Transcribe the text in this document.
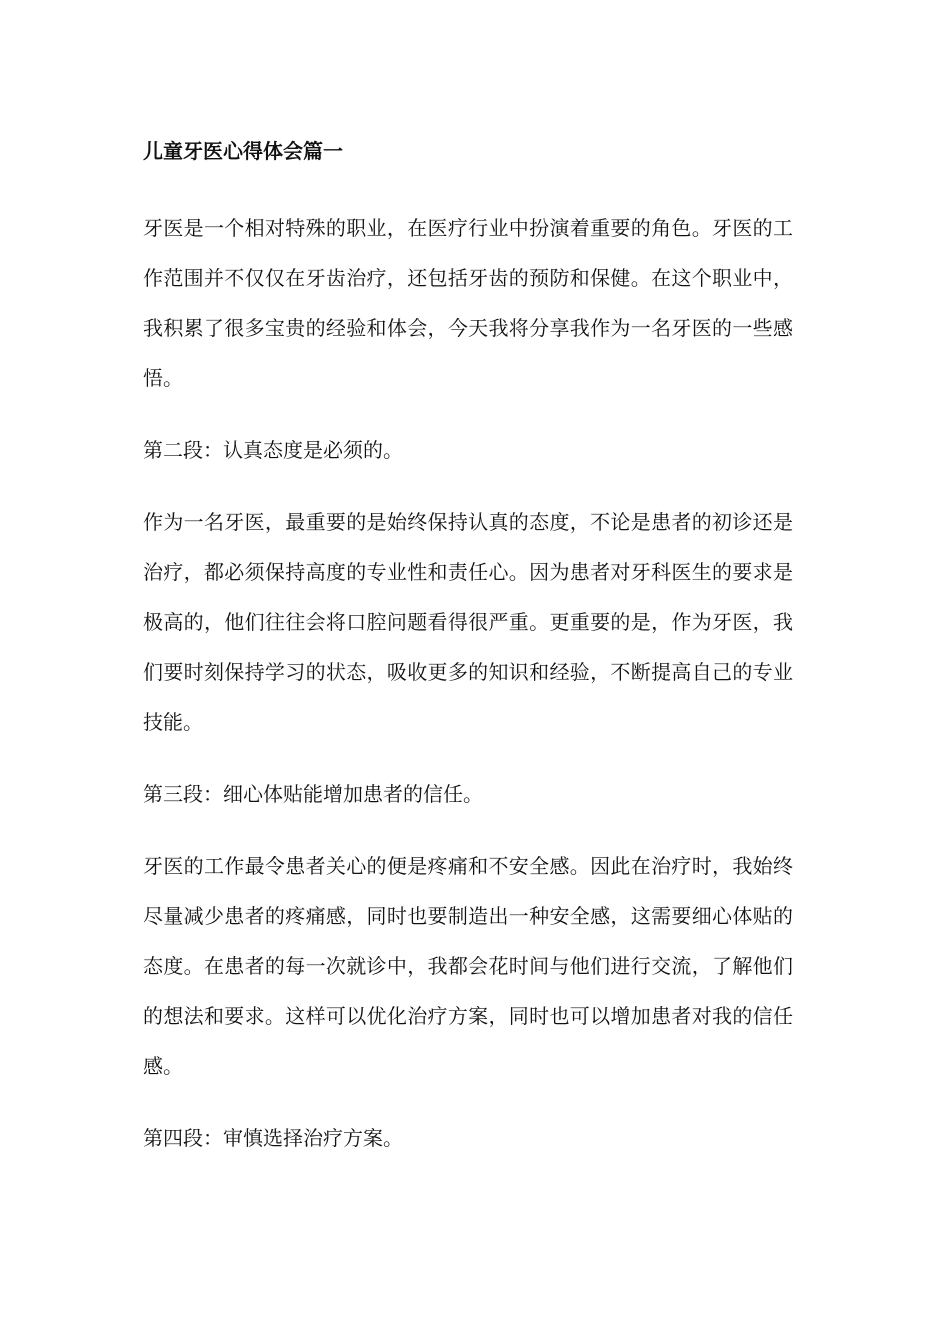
儿童牙医心得体会篇一

牙医是一个相对特殊的职业，在医疗行业中扮演着重要的角色。牙医的工作范围并不仅仅在牙齿治疗，还包括牙齿的预防和保健。在这个职业中，我积累了很多宝贵的经验和体会，今天我将分享我作为一名牙医的一些感悟。

第二段：认真态度是必须的。

作为一名牙医，最重要的是始终保持认真的态度，不论是患者的初诊还是治疗，都必须保持高度的专业性和责任心。因为患者对牙科医生的要求是极高的，他们往往会将口腔问题看得很严重。更重要的是，作为牙医，我们要时刻保持学习的状态，吸收更多的知识和经验，不断提高自己的专业技能。

第三段：细心体贴能增加患者的信任。

牙医的工作最令患者关心的便是疼痛和不安全感。因此在治疗时，我始终尽量减少患者的疼痛感，同时也要制造出一种安全感，这需要细心体贴的态度。在患者的每一次就诊中，我都会花时间与他们进行交流，了解他们的想法和要求。这样可以优化治疗方案，同时也可以增加患者对我的信任感。

第四段：审慎选择治疗方案。
